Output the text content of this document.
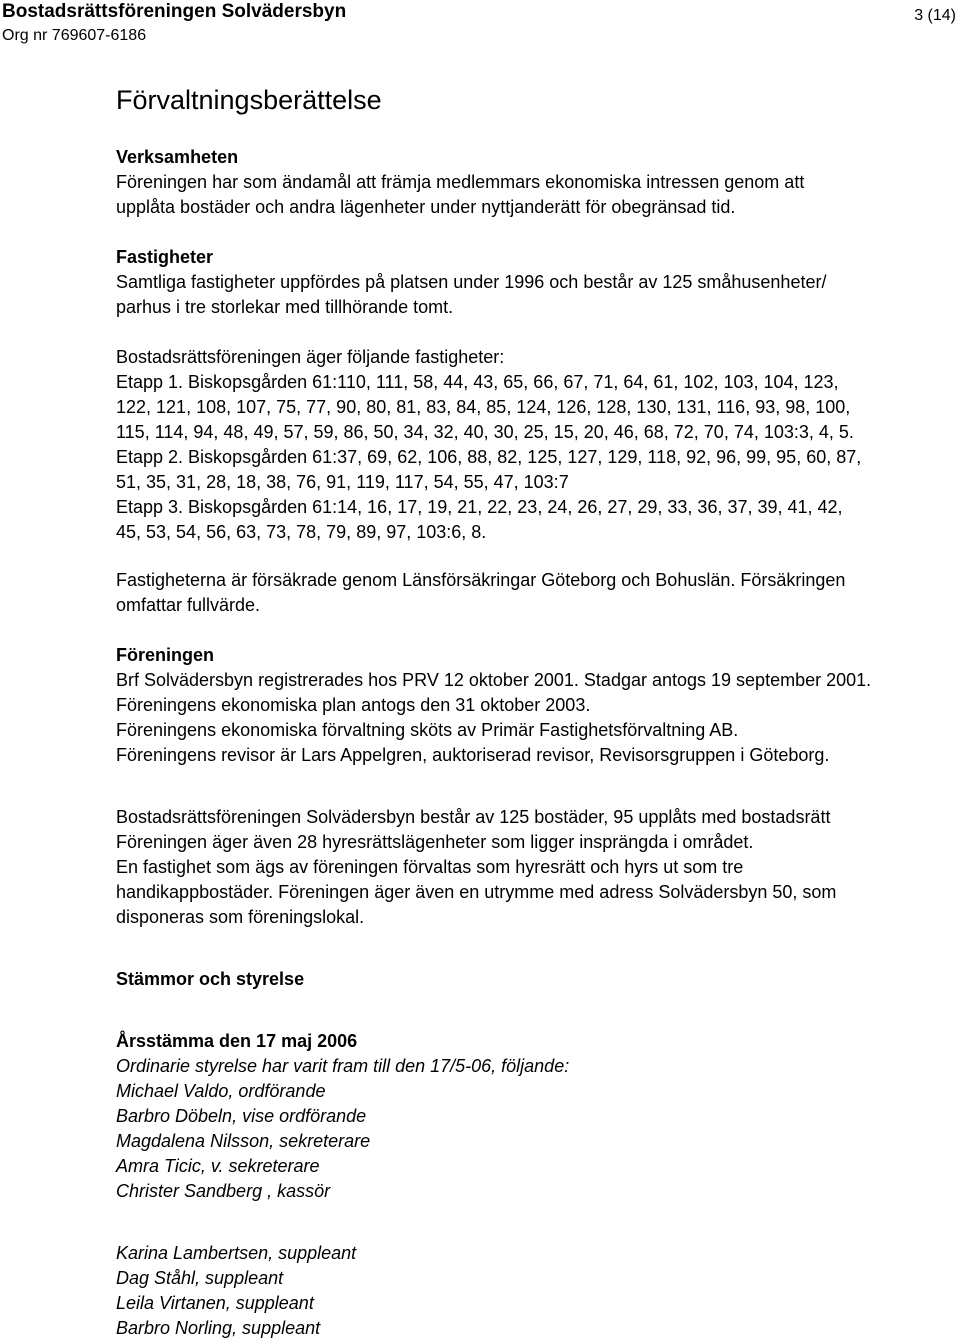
Bostadsrättsföreningen Solvädersbyn
Org nr 769607-6186
3 (14)
Förvaltningsberättelse

Verksamheten

Föreningen har som ändamål att främja medlemmars ekonomiska intressen genom att

upplåta bostäder och andra lägenheter under nyttjanderätt för obegränsad tid.

Fastigheter

Samtliga fastigheter uppfördes på platsen under 1996 och består av 125 småhusenheter/

parhus i tre storlekar med tillhörande tomt.

Bostadsrättsföreningen äger följande fastigheter:

Etapp 1. Biskopsgården 61:110, 111, 58, 44, 43, 65, 66, 67, 71, 64, 61, 102, 103, 104, 123,

122, 121, 108, 107, 75, 77, 90, 80, 81, 83, 84, 85, 124, 126, 128, 130, 131, 116, 93, 98, 100,

115, 114, 94, 48, 49, 57, 59, 86, 50, 34, 32, 40, 30, 25, 15, 20, 46, 68, 72, 70, 74, 103:3, 4, 5.

Etapp 2. Biskopsgården 61:37, 69, 62, 106, 88, 82, 125, 127, 129, 118, 92, 96, 99, 95, 60, 87,

51, 35, 31, 28, 18, 38, 76, 91, 119, 117, 54, 55, 47, 103:7

Etapp 3. Biskopsgården 61:14, 16, 17, 19, 21, 22, 23, 24, 26, 27, 29, 33, 36, 37, 39, 41, 42,

45, 53, 54, 56, 63, 73, 78, 79, 89, 97, 103:6, 8.

Fastigheterna är försäkrade genom Länsförsäkringar Göteborg och Bohuslän. Försäkringen

omfattar fullvärde.

Föreningen

Brf Solvädersbyn registrerades hos PRV 12 oktober 2001. Stadgar antogs 19 september 2001.

Föreningens ekonomiska plan antogs den 31 oktober 2003.

Föreningens ekonomiska förvaltning sköts av Primär Fastighetsförvaltning AB.

Föreningens revisor är Lars Appelgren, auktoriserad revisor, Revisorsgruppen i Göteborg.

Bostadsrättsföreningen Solvädersbyn består av 125 bostäder, 95 upplåts med bostadsrätt

Föreningen äger även 28 hyresrättslägenheter som ligger insprängda i området.

En fastighet som ägs av föreningen förvaltas som hyresrätt och hyrs ut som tre

handikappbostäder. Föreningen äger även en utrymme med adress Solvädersbyn 50, som

disponeras som föreningslokal.

Stämmor och styrelse

Årsstämma den 17 maj 2006

Ordinarie styrelse har varit fram till den 17/5-06, följande:

Michael Valdo, ordförande

Barbro Döbeln, vise ordförande

Magdalena Nilsson, sekreterare

Amra Ticic, v. sekreterare

Christer Sandberg , kassör

Karina Lambertsen, suppleant

Dag Ståhl, suppleant

Leila Virtanen, suppleant

Barbro Norling, suppleant
